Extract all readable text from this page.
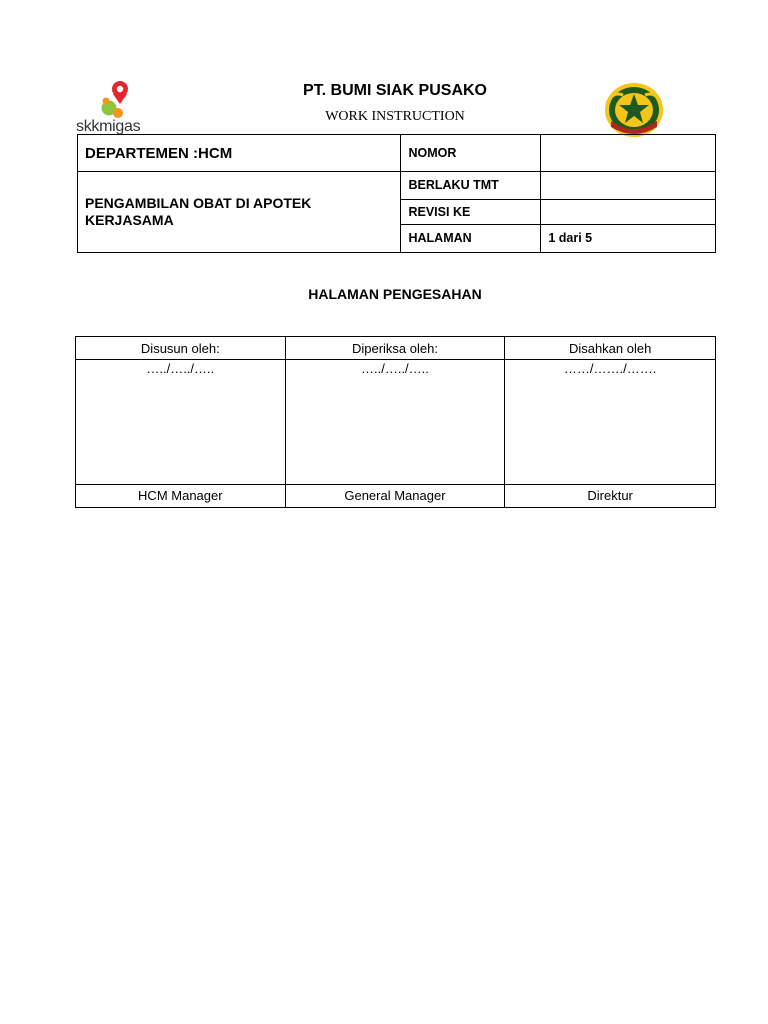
skkmigas
PT. BUMI SIAK PUSAKO
WORK INSTRUCTION
DEPARTEMEN :HCM	NOMOR	
PENGAMBILAN OBAT DI APOTEK KERJASAMA	BERLAKU TMT	
	REVISI KE	
	HALAMAN	1 dari 5
HALAMAN PENGESAHAN
Disusun oleh:	Diperiksa oleh:	Disahkan oleh
…../…../…..	…../…../…..	……/……./…….
HCM Manager	General Manager	Direktur
